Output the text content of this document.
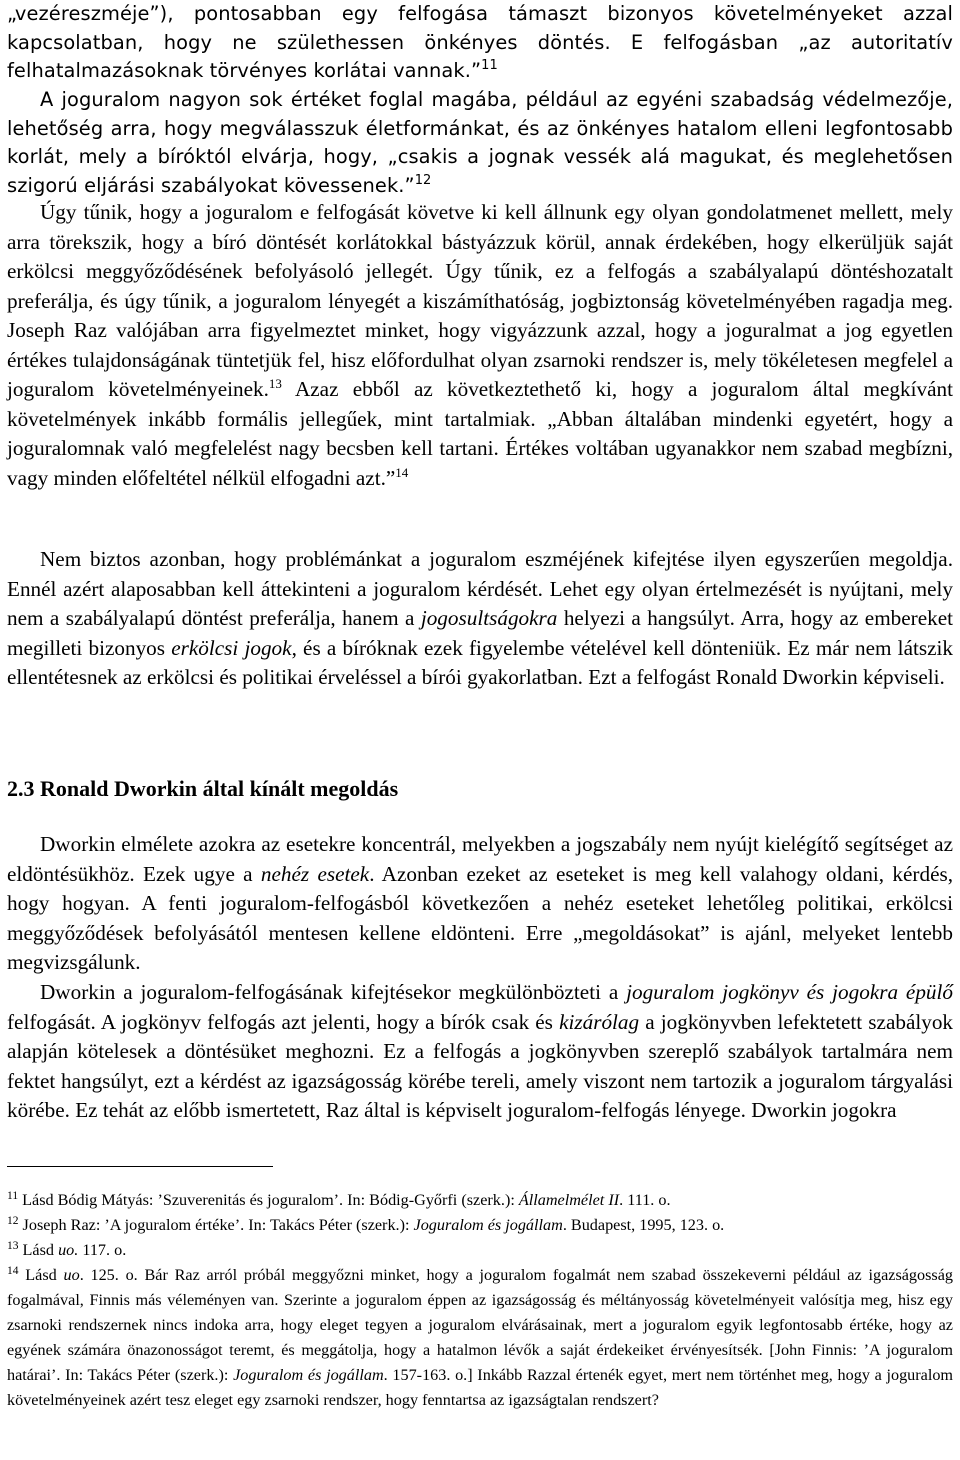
„vezéreszméje”), pontosabban egy felfogása támaszt bizonyos követelményeket azzal kapcsolatban, hogy ne születhessen önkényes döntés. E felfogásban „az autoritatív felhatalmazásoknak törvényes korlátai vannak.”$^{11}$

A joguralom nagyon sok értéket foglal magába, például az egyéni szabadság védelmezője, lehetőség arra, hogy megválasszuk életformánkat, és az önkényes hatalom elleni legfontosabb korlát, mely a bíróktól elvárja, hogy, „csakis a jognak vessék alá magukat, és meglehetősen szigorú eljárási szabályokat kövessenek.”$^{12}$

Úgy tűnik, hogy a joguralom e felfogását követve ki kell állnunk egy olyan gondolatmenet mellett, mely arra törekszik, hogy a bíró döntését korlátokkal bástyázzuk körül, annak érdekében, hogy elkerüljük saját erkölcsi meggyőződésének befolyásoló jellegét. Úgy tűnik, ez a felfogás a szabályalapú döntéshozatalt preferálja, és úgy tűnik, a joguralom lényegét a kiszámíthatóság, jogbiztonság követelményében ragadja meg. Joseph Raz valójában arra figyelmeztet minket, hogy vigyázzunk azzal, hogy a joguralmat a jog egyetlen értékes tulajdonságának tüntetjük fel, hisz előfordulhat olyan zsarnoki rendszer is, mely tökéletesen megfelel a joguralom követelményeinek.$^{13}$ Azaz ebből az következtethető ki, hogy a joguralom által megkívánt követelmények inkább formális jellegűek, mint tartalmiak. „Abban általában mindenki egyetért, hogy a joguralomnak való megfelelést nagy becsben kell tartani. Értékes voltában ugyanakkor nem szabad megbízni, vagy minden előfeltétel nélkül elfogadni azt.”$^{14}$

Nem biztos azonban, hogy problémánkat a joguralom eszméjének kifejtése ilyen egyszerűen megoldja. Ennél azért alaposabban kell áttekinteni a joguralom kérdését. Lehet egy olyan értelmezését is nyújtani, mely nem a szabályalapú döntést preferálja, hanem a jogosultságokra helyezi a hangsúlyt. Arra, hogy az embereket megilleti bizonyos erkölcsi jogok, és a bíróknak ezek figyelembe vételével kell dönteniük. Ez már nem látszik ellentétesnek az erkölcsi és politikai érveléssel a bírói gyakorlatban. Ezt a felfogást Ronald Dworkin képviseli.

2.3 Ronald Dworkin által kínált megoldás

Dworkin elmélete azokra az esetekre koncentrál, melyekben a jogszabály nem nyújt kielégítő segítséget az eldöntésükhöz. Ezek ugye a nehéz esetek. Azonban ezeket az eseteket is meg kell valahogy oldani, kérdés, hogy hogyan. A fenti joguralom-felfogásból következően a nehéz eseteket lehetőleg politikai, erkölcsi meggyőződések befolyásától mentesen kellene eldönteni. Erre „megoldásokat” is ajánl, melyeket lentebb megvizsgálunk.

Dworkin a joguralom-felfogásának kifejtésekor megkülönbözteti a joguralom jogkönyv és jogokra épülő felfogását. A jogkönyv felfogás azt jelenti, hogy a bírók csak és kizárólag a jogkönyvben lefektetett szabályok alapján kötelesek a döntésüket meghozni. Ez a felfogás a jogkönyvben szereplő szabályok tartalmára nem fektet hangsúlyt, ezt a kérdést az igazságosság körébe tereli, amely viszont nem tartozik a joguralom tárgyalási körébe. Ez tehát az előbb ismertetett, Raz által is képviselt joguralom-felfogás lényege. Dworkin jogokra

$^{11}$ Lásd Bódig Mátyás: ’Szuverenitás és joguralom’. In: Bódig-Győrfi (szerk.): Államelmélet II. 111. o.

$^{12}$ Joseph Raz: ’A joguralom értéke’. In: Takács Péter (szerk.): Joguralom és jogállam. Budapest, 1995, 123. o.

$^{13}$ Lásd uo. 117. o.

$^{14}$ Lásd uo. 125. o. Bár Raz arról próbál meggyőzni minket, hogy a joguralom fogalmát nem szabad összekeverni például az igazságosság fogalmával, Finnis más véleményen van. Szerinte a joguralom éppen az igazságosság és méltányosság követelményeit valósítja meg, hisz egy zsarnoki rendszernek nincs indoka arra, hogy eleget tegyen a joguralom elvárásainak, mert a joguralom egyik legfontosabb értéke, hogy az egyének számára önazonosságot teremt, és meggátolja, hogy a hatalmon lévők a saját érdekeiket érvényesítsék. [John Finnis: ’A joguralom határai’. In: Takács Péter (szerk.): Joguralom és jogállam. 157-163. o.] Inkább Razzal értenék egyet, mert nem történhet meg, hogy a joguralom követelményeinek azért tesz eleget egy zsarnoki rendszer, hogy fenntartsa az igazságtalan rendszert?
